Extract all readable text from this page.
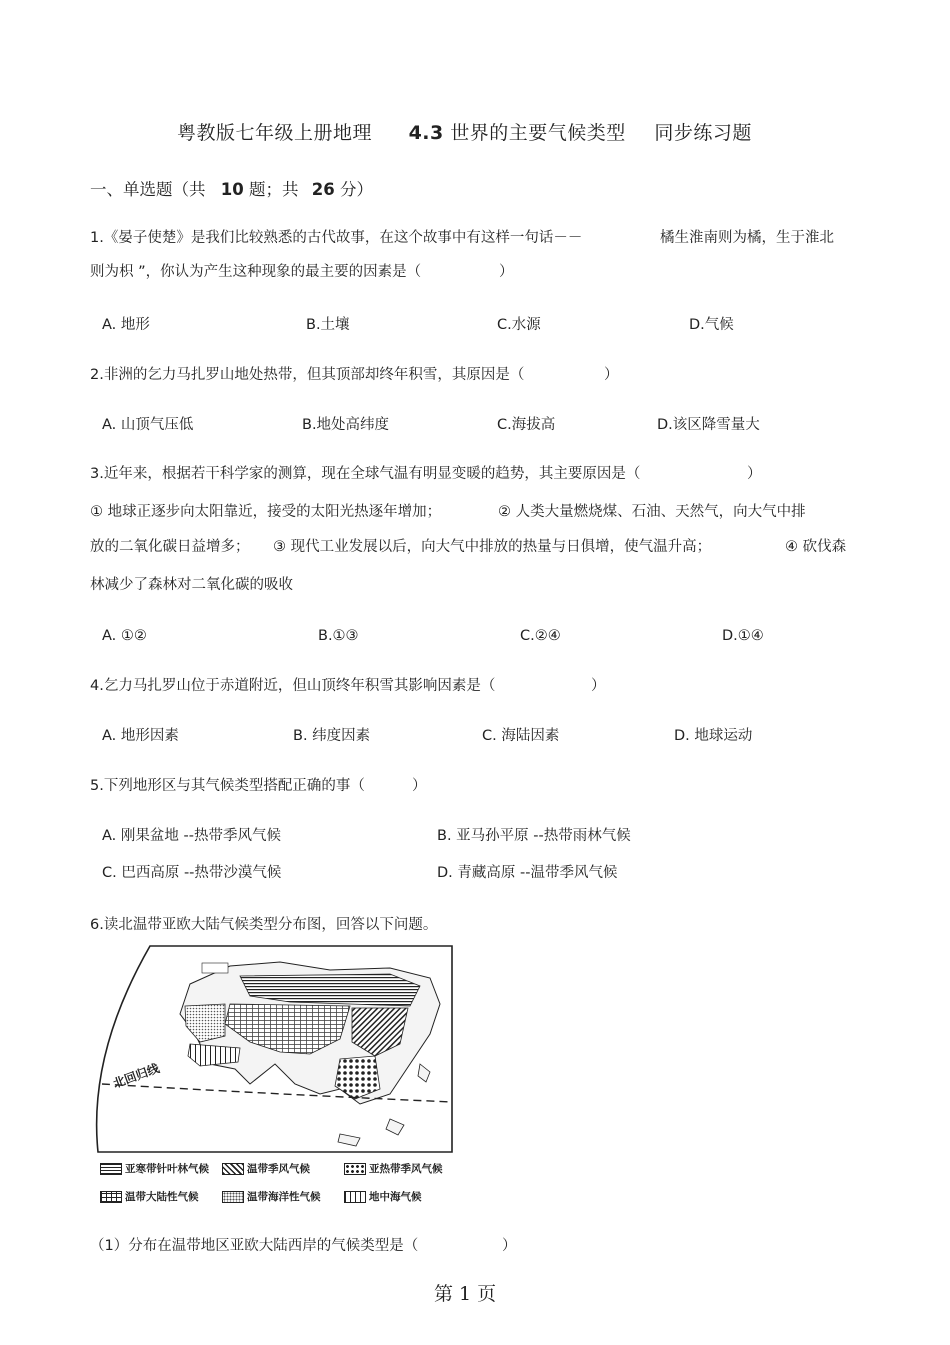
粤教版七年级上册地理 4.3 世界的主要气候类型 同步练习题
一、单选题（共 10 题；共 26 分）
1.《晏子使楚》是我们比较熟悉的古代故事，在这个故事中有这样一句话－－	橘生淮南则为橘，生于淮北
则为枳 ”，你认为产生这种现象的最主要的因素是（	）
A. 地形	B.土壤	C.水源	D.气候
2.非洲的乞力马扎罗山地处热带，但其顶部却终年积雪，其原因是（	）
A. 山顶气压低	B.地处高纬度	C.海拔高	D.该区降雪量大
3.近年来，根据若干科学家的测算，现在全球气温有明显变暖的趋势，其主要原因是（	）
① 地球正逐步向太阳靠近，接受的太阳光热逐年增加；	② 人类大量燃烧煤、石油、天然气，向大气中排
放的二氧化碳日益增多； ③ 现代工业发展以后，向大气中排放的热量与日俱增，使气温升高；	④ 砍伐森
林减少了森林对二氧化碳的吸收
A. ①②	B.①③	C.②④	D.①④
4.乞力马扎罗山位于赤道附近，但山顶终年积雪其影响因素是（	）
A. 地形因素	B. 纬度因素	C. 海陆因素	D. 地球运动
5.下列地形区与其气候类型搭配正确的事（	）
A. 刚果盆地 --热带季风气候	B. 亚马孙平原 --热带雨林气候
C. 巴西高原 --热带沙漠气候	D. 青藏高原 --温带季风气候
6.读北温带亚欧大陆气候类型分布图，回答以下问题。
北回归线
亚寒带针叶林气候	温带季风气候	亚热带季风气候
温带大陆性气候	温带海洋性气候	地中海气候
（1）分布在温带地区亚欧大陆西岸的气候类型是（	）
第 1 页
